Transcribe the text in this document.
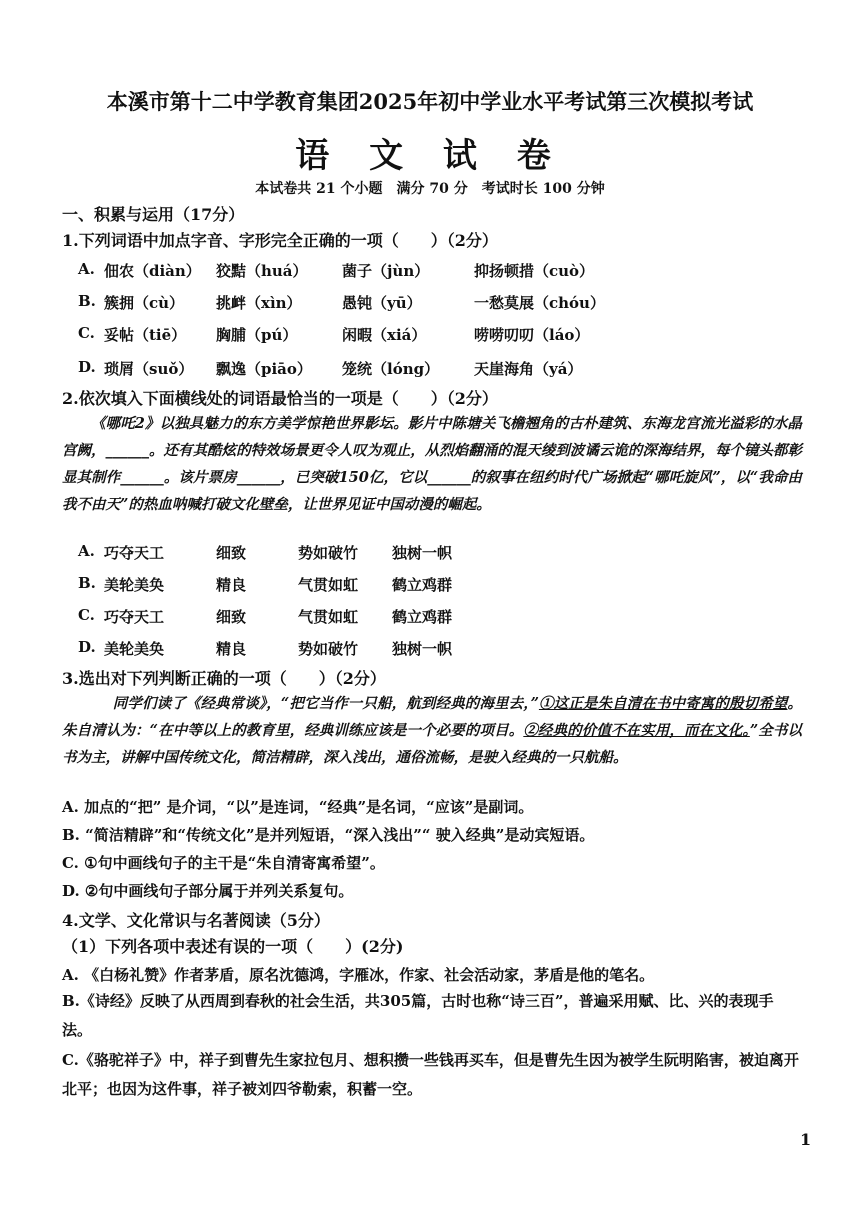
本溪市第十二中学教育集团2025年初中学业水平考试第三次模拟考试
语 文 试 卷
本试卷共 21 个小题　满分 70 分　考试时长 100 分钟
一、积累与运用（17分）
1.下列词语中加点字音、字形完全正确的一项（　　）（2分）
A. 佃农（diàn） 狡黠（huá） 菌子（jùn）	抑扬顿措（cuò）
B. 簇拥（cù） 挑衅（xìn）	愚钝（yū）	一愁莫展（chóu）
C. 妥帖（tiē） 胸脯（pú）	闲暇（xiá）	唠唠叨叨（láo）
D. 琐屑（suǒ） 飘逸（piāo） 笼统（lóng） 天崖海角（yá）
2.依次填入下面横线处的词语最恰当的一项是（　　）（2分）
《哪吒2》以独具魅力的东方美学惊艳世界影坛。影片中陈塘关飞檐翘角的古朴建筑、东海龙宫流光溢彩的水晶宫阙，______。还有其酷炫的特效场景更令人叹为观止，从烈焰翻涌的混天绫到波谲云诡的深海结界，每个镜头都彰显其制作______。该片票房______，已突破150亿，它以______的叙事在纽约时代广场掀起“哪吒旋风”，以“我命由我不由天”的热血呐喊打破文化壁垒，让世界见证中国动漫的崛起。
A. 巧夺天工	细致	势如破竹 独树一帜
B. 美轮美奂	精良	气贯如虹 鹤立鸡群
C. 巧夺天工	细致	气贯如虹 鹤立鸡群
D. 美轮美奂	精良	势如破竹 独树一帜
3.选出对下列判断正确的一项（　　）（2分）
同学们读了《经典常谈》，“把它当作一只船，航到经典的海里去，”①这正是朱自清在书中寄寓的殷切希望。朱自清认为：“在中等以上的教育里，经典训练应该是一个必要的项目。②经典的价值不在实用，而在文化。”全书以书为主，讲解中国传统文化，简洁精辟，深入浅出，通俗流畅，是驶入经典的一只航船。
A. 加点的“把” 是介词，“以”是连词，“经典”是名词，“应该”是副词。
B. “简洁精辟”和“传统文化”是并列短语，“深入浅出”“ 驶入经典”是动宾短语。
C. ①句中画线句子的主干是“朱自清寄寓希望”。
D. ②句中画线句子部分属于并列关系复句。
4.文学、文化常识与名著阅读（5分）
（1）下列各项中表述有误的一项（　　）(2分)
A. 《白杨礼赞》作者茅盾，原名沈德鸿，字雁冰，作家、社会活动家，茅盾是他的笔名。
B.《诗经》反映了从西周到春秋的社会生活，共305篇，古时也称“诗三百”，普遍采用赋、比、兴的表现手法。
C.《骆驼祥子》中，祥子到曹先生家拉包月、想积攒一些钱再买车，但是曹先生因为被学生阮明陷害，被迫离开北平；也因为这件事，祥子被刘四爷勒索，积蓄一空。
1
